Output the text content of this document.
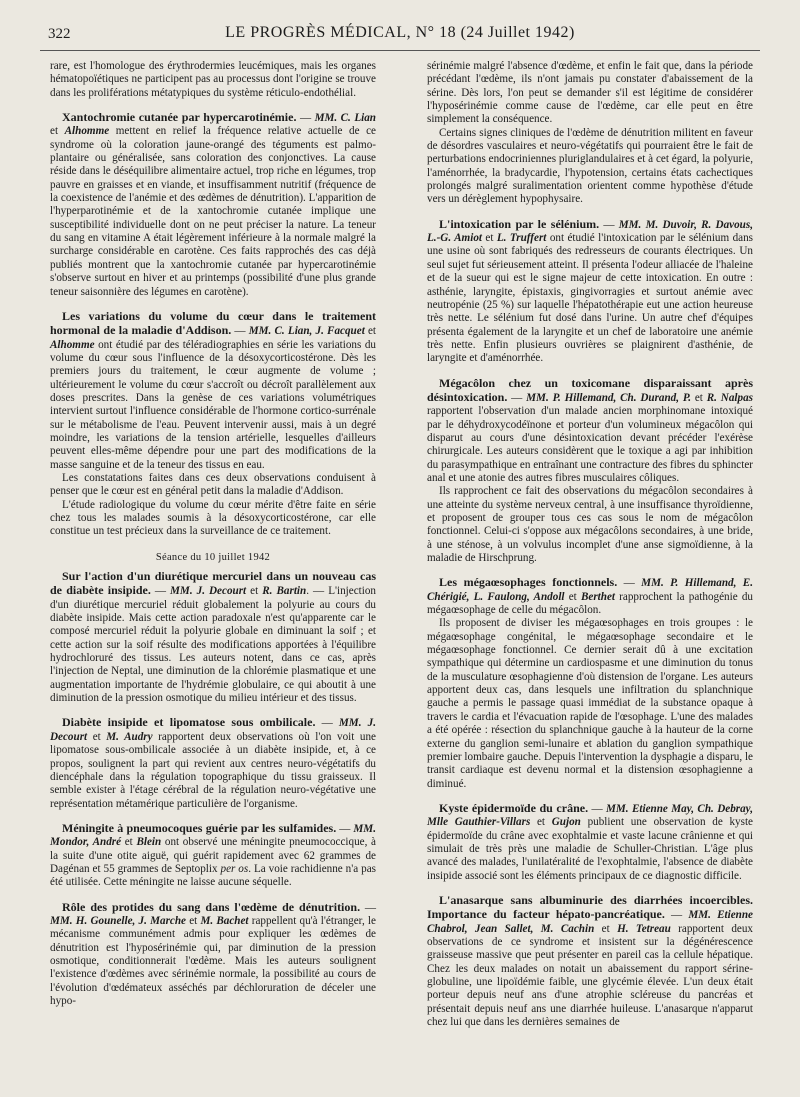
322	LE PROGRÈS MÉDICAL, N° 18 (24 Juillet 1942)

rare, est l'homologue des érythrodermies leucémiques, mais les organes hématopoïétiques ne participent pas au processus dont l'origine se trouve dans les proliférations métatypiques du système réticulo-endothélial.

Xantochromie cutanée par hypercarotinémie. — MM. C. Lian et Alhomme mettent en relief la fréquence relative actuelle de ce syndrome où la coloration jaune-orangé des téguments est palmo-plantaire ou généralisée, sans coloration des conjonctives. La cause réside dans le déséquilibre alimentaire actuel, trop riche en légumes, trop pauvre en graisses et en viande, et insuffisamment nutritif (fréquence de la coexistence de l'anémie et des œdèmes de dénutrition). L'apparition de l'hyperparotinémie et de la xantochromie cutanée implique une susceptibilité individuelle dont on ne peut préciser la nature. La teneur du sang en vitamine A était légèrement inférieure à la normale malgré la surcharge considérable en carotène. Ces faits rapprochés des cas déjà publiés montrent que la xantochromie cutanée par hypercarotinémie s'observe surtout en hiver et au printemps (possibilité d'une plus grande teneur saisonnière des légumes en carotène).

Les variations du volume du cœur dans le traitement hormonal de la maladie d'Addison. — MM. C. Lian, J. Facquet et Alhomme ont étudié par des téléradiographies en série les variations du volume du cœur sous l'influence de la désoxycorticostérone. Dès les premiers jours du traitement, le cœur augmente de volume ; ultérieurement le volume du cœur s'accroît ou décroît parallèlement aux doses prescrites. Dans la genèse de ces variations volumétriques intervient surtout l'influence considérable de l'hormone cortico-surrénale sur le métabolisme de l'eau. Peuvent intervenir aussi, mais à un degré moindre, les variations de la tension artérielle, lesquelles d'ailleurs peuvent elles-même dépendre pour une part des modifications de la masse sanguine et de la teneur des tissus en eau.

Les constatations faites dans ces deux observations conduisent à penser que le cœur est en général petit dans la maladie d'Addison.

L'étude radiologique du volume du cœur mérite d'être faite en série chez tous les malades soumis à la désoxycorticostérone, car elle constitue un test précieux dans la surveillance de ce traitement.

Séance du 10 juillet 1942

Sur l'action d'un diurétique mercuriel dans un nouveau cas de diabète insipide. — MM. J. Decourt et R. Bartin. — L'injection d'un diurétique mercuriel réduit globalement la polyurie au cours du diabète insipide. Mais cette action paradoxale n'est qu'apparente car le composé mercuriel réduit la polyurie globale en diminuant la soif ; et cette action sur la soif résulte des modifications apportées à l'équilibre hydrochloruré des tissus. Les auteurs notent, dans ce cas, après l'injection de Neptal, une diminution de la chlorémie plasmatique et une augmentation importante de l'hydrémie globulaire, ce qui aboutit à une diminution de la pression osmotique du milieu intérieur et des tissus.

Diabète insipide et lipomatose sous ombilicale. — MM. J. Decourt et M. Audry rapportent deux observations où l'on voit une lipomatose sous-ombilicale associée à un diabète insipide, et, à ce propos, soulignent la part qui revient aux centres neuro-végétatifs du diencéphale dans la régulation topographique du tissu graisseux. Il semble exister à l'étage cérébral de la régulation neuro-végétative une représentation métamérique particulière de l'organisme.

Méningite à pneumocoques guérie par les sulfamides. — MM. Mondor, André et Blein ont observé une méningite pneumococcique, à la suite d'une otite aiguë, qui guérit rapidement avec 62 grammes de Dagénan et 55 grammes de Septoplix per os. La voie rachidienne n'a pas été utilisée. Cette méningite ne laisse aucune séquelle.

Rôle des protides du sang dans l'œdème de dénutrition. — MM. H. Gounelle, J. Marche et M. Bachet rappellent qu'à l'étranger, le mécanisme communément admis pour expliquer les œdèmes de dénutrition est l'hyposérinémie qui, par diminution de la pression osmotique, conditionnerait l'œdème. Mais les auteurs soulignent l'existence d'œdèmes avec sérinémie normale, la possibilité au cours de l'évolution d'œdémateux asséchés par déchloruration de déceler une hypo-

sérinémie malgré l'absence d'œdème, et enfin le fait que, dans la période précédant l'œdème, ils n'ont jamais pu constater d'abaissement de la sérine. Dès lors, l'on peut se demander s'il est légitime de considérer l'hyposérinémie comme cause de l'œdème, car elle peut en être simplement la conséquence.

Certains signes cliniques de l'œdème de dénutrition militent en faveur de désordres vasculaires et neuro-végétatifs qui pourraient être le fait de perturbations endocriniennes pluriglandulaires et à cet égard, la polyurie, l'aménorrhée, la bradycardie, l'hypotension, certains états cachectiques prolongés malgré suralimentation orientent comme hypothèse d'étude vers un dérèglement hypophysaire.

L'intoxication par le sélénium. — MM. M. Duvoir, R. Davous, L.-G. Amiot et L. Truffert ont étudié l'intoxication par le sélénium dans une usine où sont fabriqués des redresseurs de courants électriques. Un seul sujet fut sérieusement atteint. Il présenta l'odeur alliacée de l'haleine et de la sueur qui est le signe majeur de cette intoxication. En outre : asthénie, laryngite, épistaxis, gingivorragies et surtout anémie avec neutropénie (25 %) sur laquelle l'hépatothérapie eut une action heureuse très nette. Le sélénium fut dosé dans l'urine. Un autre chef d'équipes présenta également de la laryngite et un chef de laboratoire une anémie très nette. Enfin plusieurs ouvrières se plaignirent d'asthénie, de laryngite et d'aménorrhée.

Mégacôlon chez un toxicomane disparaissant après désintoxication. — MM. P. Hillemand, Ch. Durand, P. et R. Nalpas rapportent l'observation d'un malade ancien morphinomane intoxiqué par le déhydroxycodéïnone et porteur d'un volumineux mégacôlon qui disparut au cours d'une désintoxication devant précéder l'exérèse chirurgicale. Les auteurs considèrent que le toxique a agi par inhibition du parasympathique en entraînant une contracture des fibres du sphincter anal et une atonie des autres fibres musculaires côliques.

Ils rapprochent ce fait des observations du mégacôlon secondaires à une atteinte du système nerveux central, à une insuffisance thyroïdienne, et proposent de grouper tous ces cas sous le nom de mégacôlon fonctionnel. Celui-ci s'oppose aux mégacôlons secondaires, à une bride, à une sténose, à un volvulus incomplet d'une anse sigmoïdienne, à la maladie de Hirschprung.

Les mégaœsophages fonctionnels. — MM. P. Hillemand, E. Chérigié, L. Faulong, Andoll et Berthet rapprochent la pathogénie du mégaœsophage de celle du mégacôlon.

Ils proposent de diviser les mégaœsophages en trois groupes : le mégaœsophage congénital, le mégaœsophage secondaire et le mégaœsophage fonctionnel. Ce dernier serait dû à une excitation sympathique qui détermine un cardiospasme et une diminution du tonus de la musculature œsophagienne d'où distension de l'organe. Les auteurs apportent deux cas, dans lesquels une infiltration du splanchnique gauche a permis le passage quasi immédiat de la substance opaque à travers le cardia et l'évacuation rapide de l'œsophage. L'une des malades a été opérée : résection du splanchnique gauche à la hauteur de la corne externe du ganglion semi-lunaire et ablation du ganglion sympathique premier lombaire gauche. Depuis l'intervention la dysphagie a disparu, le transit cardiaque est devenu normal et la distension œsophagienne a diminué.

Kyste épidermoïde du crâne. — MM. Etienne May, Ch. Debray, Mlle Gauthier-Villars et Gujon publient une observation de kyste épidermoïde du crâne avec exophtalmie et vaste lacune crânienne et qui simulait de très près une maladie de Schuller-Christian. L'âge plus avancé des malades, l'unilatéralité de l'exophtalmie, l'absence de diabète insipide associé sont les éléments principaux de ce diagnostic difficile.

L'anasarque sans albuminurie des diarrhées incoercibles. Importance du facteur hépato-pancréatique. — MM. Etienne Chabrol, Jean Sallet, M. Cachin et H. Tetreau rapportent deux observations de ce syndrome et insistent sur la dégénérescence graisseuse massive que peut présenter en pareil cas la cellule hépatique. Chez les deux malades on notait un abaissement du rapport sérine-globuline, une lipoïdémie faible, une glycémie élevée. L'un deux était porteur depuis neuf ans d'une atrophie scléreuse du pancréas et présentait depuis neuf ans une diarrhée huileuse. L'anasarque n'apparut chez lui que dans les dernières semaines de
